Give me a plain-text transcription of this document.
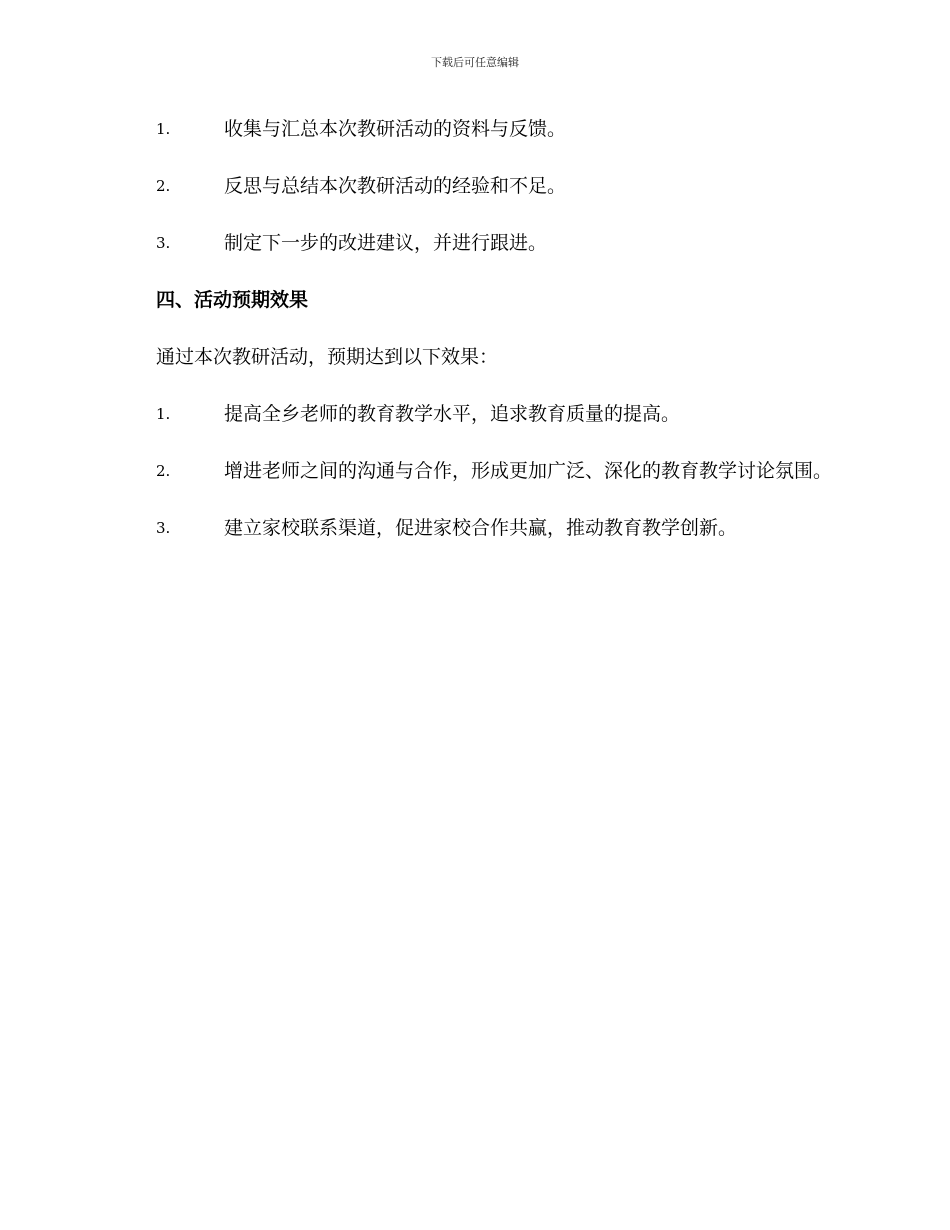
下载后可任意编辑
1.	收集与汇总本次教研活动的资料与反馈。
2.	反思与总结本次教研活动的经验和不足。
3.	制定下一步的改进建议，并进行跟进。
四、活动预期效果
通过本次教研活动，预期达到以下效果：
1.	提高全乡老师的教育教学水平，追求教育质量的提高。
2.	增进老师之间的沟通与合作，形成更加广泛、深化的教育教学讨论氛围。
3.	建立家校联系渠道，促进家校合作共赢，推动教育教学创新。
